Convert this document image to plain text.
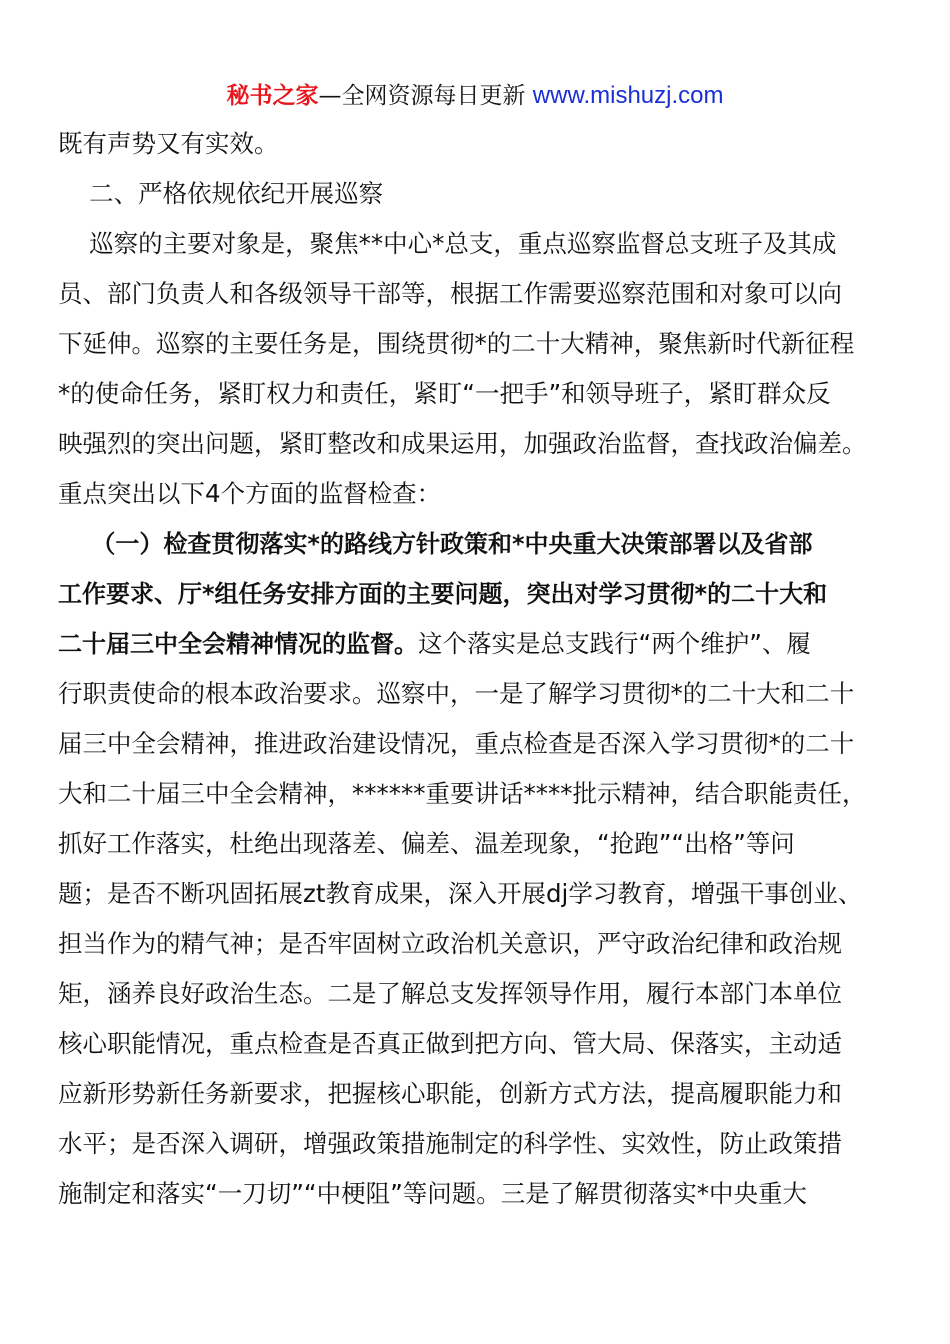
秘书之家—全网资源每日更新 www.mishuzj.com
既有声势又有实效。
二、严格依规依纪开展巡察
巡察的主要对象是，聚焦**中心*总支，重点巡察监督总支班子及其成
员、部门负责人和各级领导干部等，根据工作需要巡察范围和对象可以向
下延伸。巡察的主要任务是，围绕贯彻*的二十大精神，聚焦新时代新征程
*的使命任务，紧盯权力和责任，紧盯“一把手”和领导班子，紧盯群众反
映强烈的突出问题，紧盯整改和成果运用，加强政治监督，查找政治偏差。
重点突出以下4个方面的监督检查：
（一）检查贯彻落实*的路线方针政策和*中央重大决策部署以及省部
工作要求、厅*组任务安排方面的主要问题，突出对学习贯彻*的二十大和
二十届三中全会精神情况的监督。这个落实是总支践行“两个维护”、履
行职责使命的根本政治要求。巡察中，一是了解学习贯彻*的二十大和二十
届三中全会精神，推进政治建设情况，重点检查是否深入学习贯彻*的二十
大和二十届三中全会精神，******重要讲话****批示精神，结合职能责任，
抓好工作落实，杜绝出现落差、偏差、温差现象，“抢跑”“出格”等问
题；是否不断巩固拓展zt教育成果，深入开展dj学习教育，增强干事创业、
担当作为的精气神；是否牢固树立政治机关意识，严守政治纪律和政治规
矩，涵养良好政治生态。二是了解总支发挥领导作用，履行本部门本单位
核心职能情况，重点检查是否真正做到把方向、管大局、保落实，主动适
应新形势新任务新要求，把握核心职能，创新方式方法，提高履职能力和
水平；是否深入调研，增强政策措施制定的科学性、实效性，防止政策措
施制定和落实“一刀切”“中梗阻”等问题。三是了解贯彻落实*中央重大
